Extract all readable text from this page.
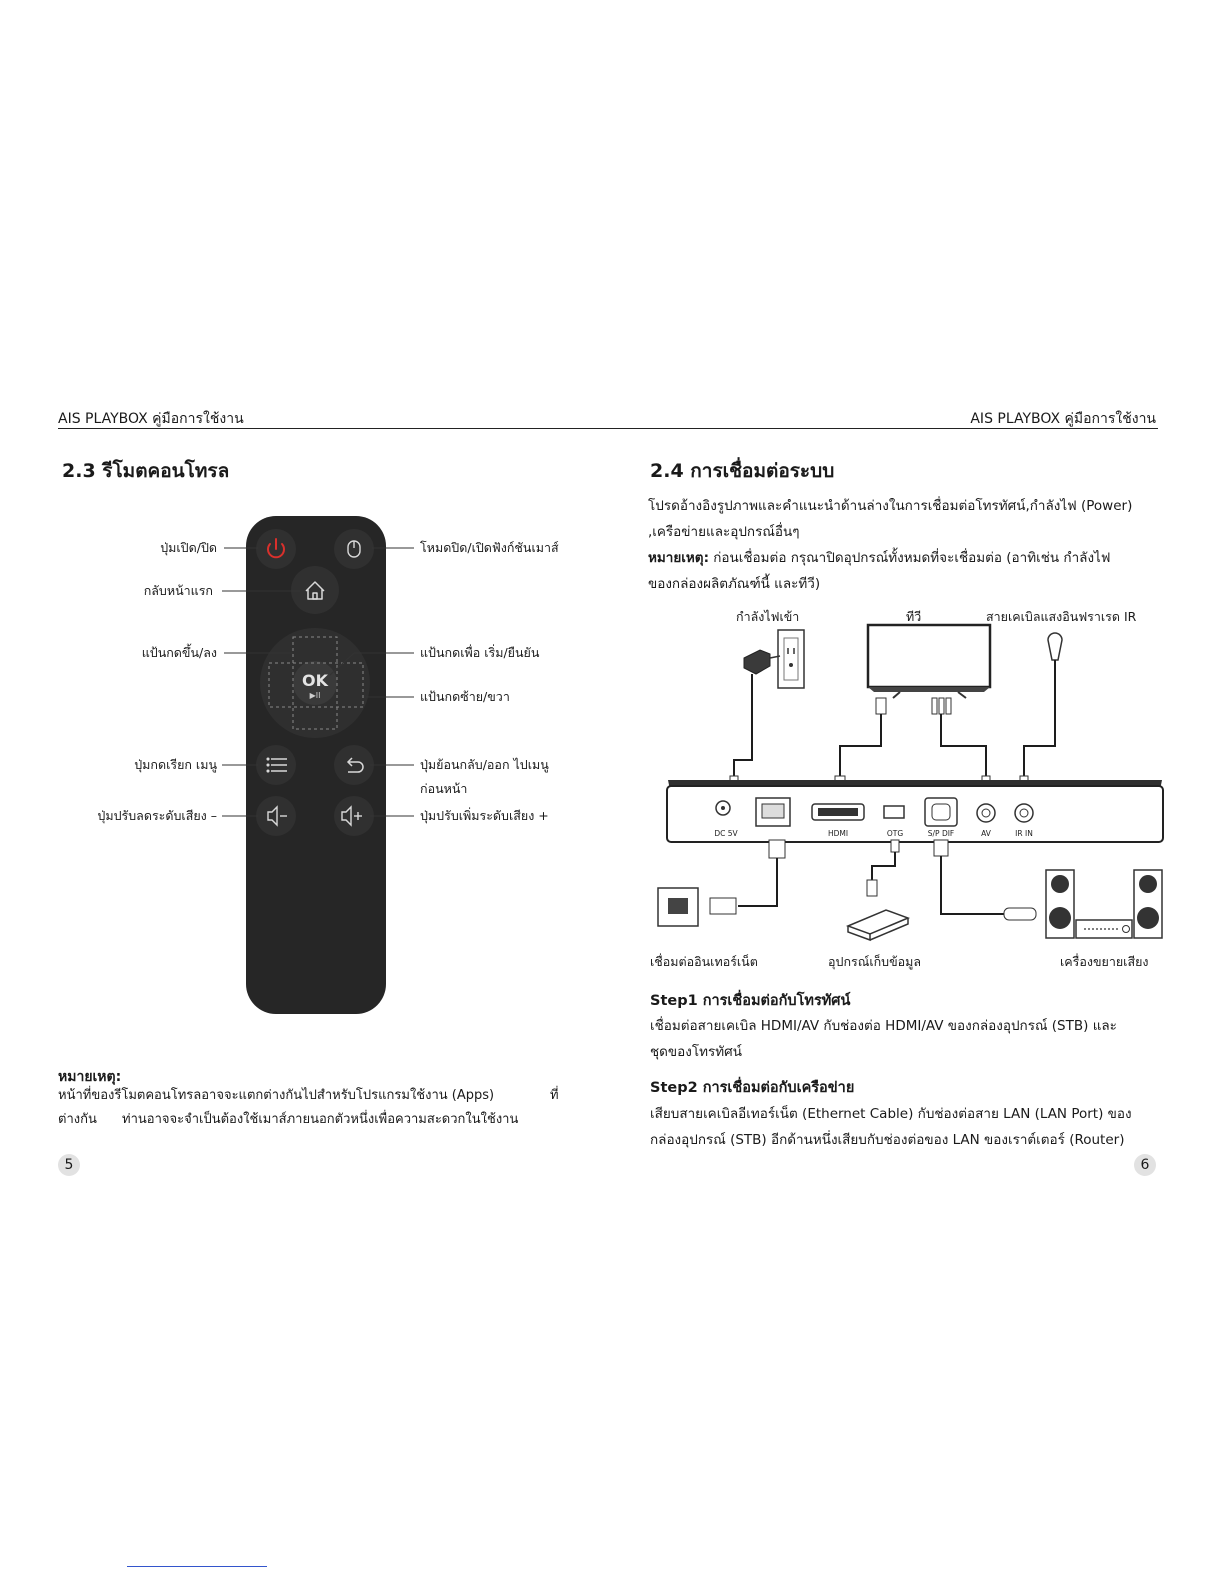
AIS PLAYBOX คู่มือการใช้งาน	AIS PLAYBOX คู่มือการใช้งาน
2.3 รีโมตคอนโทรล
OK
▶II
ปุ่มเปิด/ปิด
กลับหน้าแรก
แป้นกดขึ้น/ลง
ปุ่มกดเรียก เมนู
ปุ่มปรับลดระดับเสียง –
โหมดปิด/เปิดฟังก์ชันเมาส์
แป้นกดเพื่อ เริ่ม/ยืนยัน
แป้นกดซ้าย/ขวา
ปุ่มย้อนกลับ/ออก ไปเมนู
ก่อนหน้า
ปุ่มปรับเพิ่มระดับเสียง +
หมายเหตุ:
หน้าที่ของรีโมตคอนโทรลอาจจะแตกต่างกันไปสำหรับโปรแกรมใช้งาน (Apps)	ที่
ต่างกัน ท่านอาจจะจำเป็นต้องใช้เมาส์ภายนอกตัวหนึ่งเพื่อความสะดวกในใช้งาน
5
2.4 การเชื่อมต่อระบบ
โปรดอ้างอิงรูปภาพและคำแนะนำด้านล่างในการเชื่อมต่อโทรทัศน์,กำลังไฟ (Power)
,เครือข่ายและอุปกรณ์อื่นๆ
หมายเหตุ: ก่อนเชื่อมต่อ กรุณาปิดอุปกรณ์ทั้งหมดที่จะเชื่อมต่อ (อาทิเช่น กำลังไฟ
ของกล่องผลิตภัณฑ์นี้ และทีวี)
กำลังไฟเข้า	ทีวี	สายเคเบิลแสงอินฟราเรด IR
เชื่อมต่ออินเทอร์เน็ต	อุปกรณ์เก็บข้อมูล	เครื่องขยายเสียง
DC 5V	HDMI	OTG	S/P DIF	AV	IR IN
Step1 การเชื่อมต่อกับโทรทัศน์
เชื่อมต่อสายเคเบิล HDMI/AV กับช่องต่อ HDMI/AV ของกล่องอุปกรณ์ (STB) และ
ชุดของโทรทัศน์
Step2 การเชื่อมต่อกับเครือข่าย
เสียบสายเคเบิลอีเทอร์เน็ต (Ethernet Cable) กับช่องต่อสาย LAN (LAN Port) ของ
กล่องอุปกรณ์ (STB) อีกด้านหนึ่งเสียบกับช่องต่อของ LAN ของเราต์เตอร์ (Router)
6
